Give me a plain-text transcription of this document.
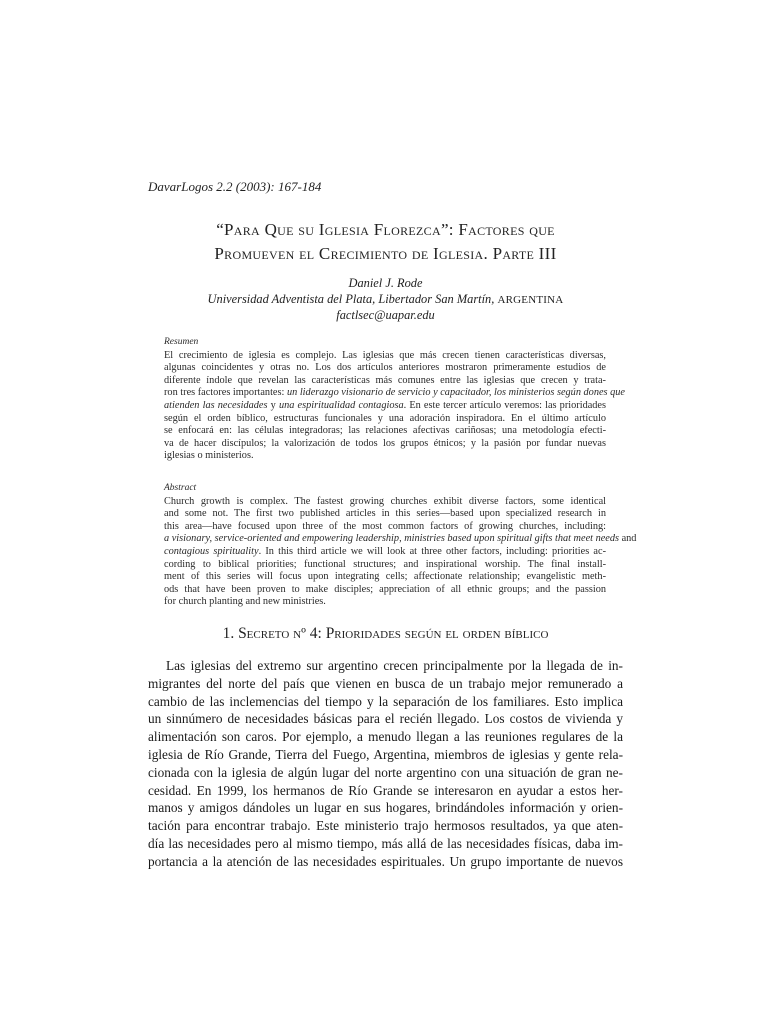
DavarLogos 2.2 (2003): 167-184
“Para Que su Iglesia Florezca”: Factores que
Promueven el Crecimiento de Iglesia. Parte III
Daniel J. Rode
Universidad Adventista del Plata, Libertador San Martín, ARGENTINA
factlsec@uapar.edu
Resumen
El crecimiento de iglesia es complejo. Las iglesias que más crecen tienen características diversas,
algunas coincidentes y otras no. Los dos artículos anteriores mostraron primeramente estudios de
diferente índole que revelan las características más comunes entre las iglesias que crecen y trata-
ron tres factores importantes: un liderazgo visionario de servicio y capacitador, los ministerios según dones que
atienden las necesidades y una espiritualidad contagiosa. En este tercer artículo veremos: las prioridades
según el orden bíblico, estructuras funcionales y una adoración inspiradora. En el último artículo
se enfocará en: las células integradoras; las relaciones afectivas cariñosas; una metodología efecti-
va de hacer discípulos; la valorización de todos los grupos étnicos; y la pasión por fundar nuevas
iglesias o ministerios.
Abstract
Church growth is complex. The fastest growing churches exhibit diverse factors, some identical
and some not. The first two published articles in this series—based upon specialized research in
this area—have focused upon three of the most common factors of growing churches, including:
a visionary, service-oriented and empowering leadership, ministries based upon spiritual gifts that meet needs and
contagious spirituality. In this third article we will look at three other factors, including: priorities ac-
cording to biblical priorities; functional structures; and inspirational worship. The final install-
ment of this series will focus upon integrating cells; affectionate relationship; evangelistic meth-
ods that have been proven to make disciples; appreciation of all ethnic groups; and the passion
for church planting and new ministries.
1. Secreto nº 4: Prioridades según el orden bíblico
Las iglesias del extremo sur argentino crecen principalmente por la llegada de in-
migrantes del norte del país que vienen en busca de un trabajo mejor remunerado a
cambio de las inclemencias del tiempo y la separación de los familiares. Esto implica
un sinnúmero de necesidades básicas para el recién llegado. Los costos de vivienda y
alimentación son caros. Por ejemplo, a menudo llegan a las reuniones regulares de la
iglesia de Río Grande, Tierra del Fuego, Argentina, miembros de iglesias y gente rela-
cionada con la iglesia de algún lugar del norte argentino con una situación de gran ne-
cesidad. En 1999, los hermanos de Río Grande se interesaron en ayudar a estos her-
manos y amigos dándoles un lugar en sus hogares, brindándoles información y orien-
tación para encontrar trabajo. Este ministerio trajo hermosos resultados, ya que aten-
día las necesidades pero al mismo tiempo, más allá de las necesidades físicas, daba im-
portancia a la atención de las necesidades espirituales. Un grupo importante de nuevos
